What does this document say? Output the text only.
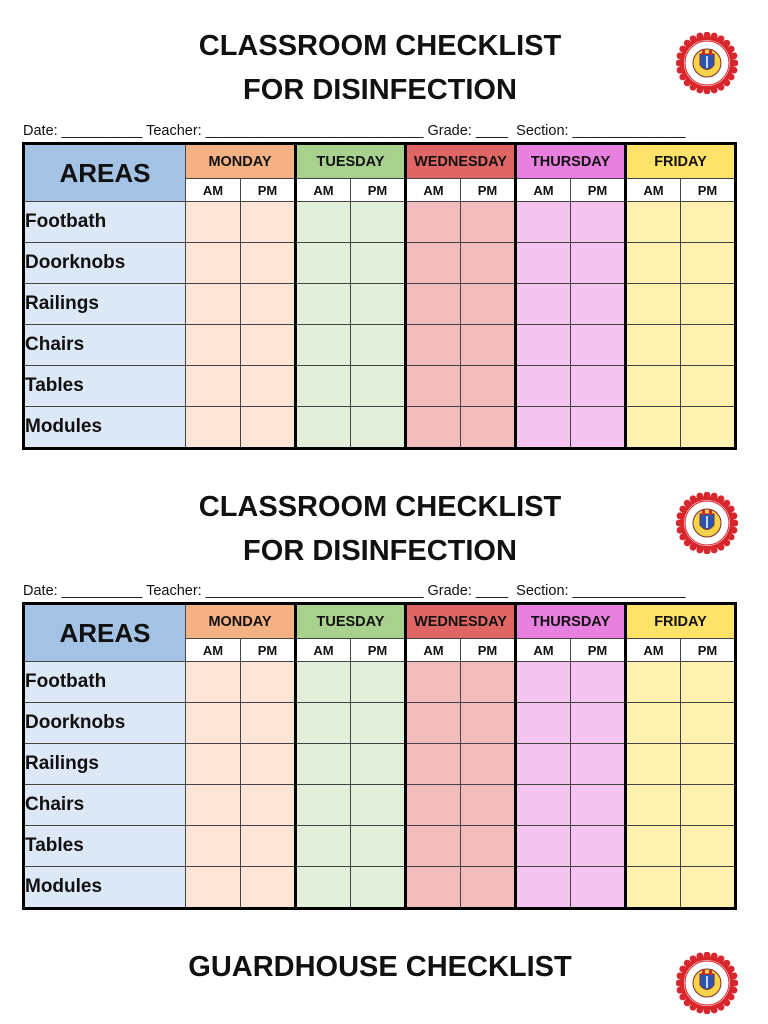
CLASSROOM CHECKLIST
FOR DISINFECTION
Date: __________ Teacher: ___________________________ Grade: ____  Section: ______________
AREAS	MONDAY		TUESDAY		WEDNESDAY		THURSDAY		FRIDAY	
	AM	PM	AM	PM	AM	PM	AM	PM	AM	PM
Footbath										
Doorknobs										
Railings										
Chairs										
Tables										
Modules										
CLASSROOM CHECKLIST
FOR DISINFECTION
Date: __________ Teacher: ___________________________ Grade: ____  Section: ______________
AREAS	MONDAY		TUESDAY		WEDNESDAY		THURSDAY		FRIDAY	
	AM	PM	AM	PM	AM	PM	AM	PM	AM	PM
Footbath										
Doorknobs										
Railings										
Chairs										
Tables										
Modules										
GUARDHOUSE CHECKLIST
